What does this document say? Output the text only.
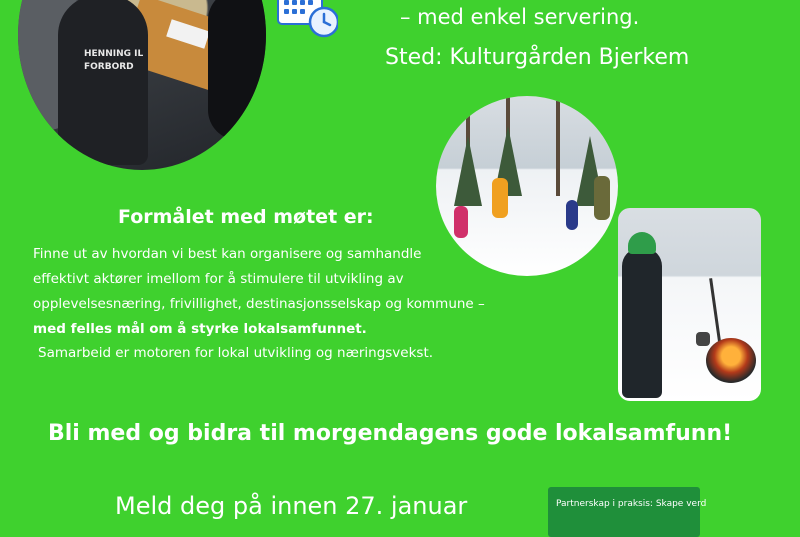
HENNING IL
FORBORD
– med enkel servering.
Sted: Kulturgården Bjerkem
Formålet med møtet er:
Finne ut av hvordan vi best kan organisere og samhandle
effektivt aktører imellom for å stimulere til utvikling av
opplevelsesnæring, frivillighet, destinasjonsselskap og kommune –
med felles mål om å styrke lokalsamfunnet.
Samarbeid er motoren for lokal utvikling og næringsvekst.
Bli med og bidra til morgendagens gode lokalsamfunn!
Meld deg på innen 27. januar	Partnerskap i praksis: Skape verd
